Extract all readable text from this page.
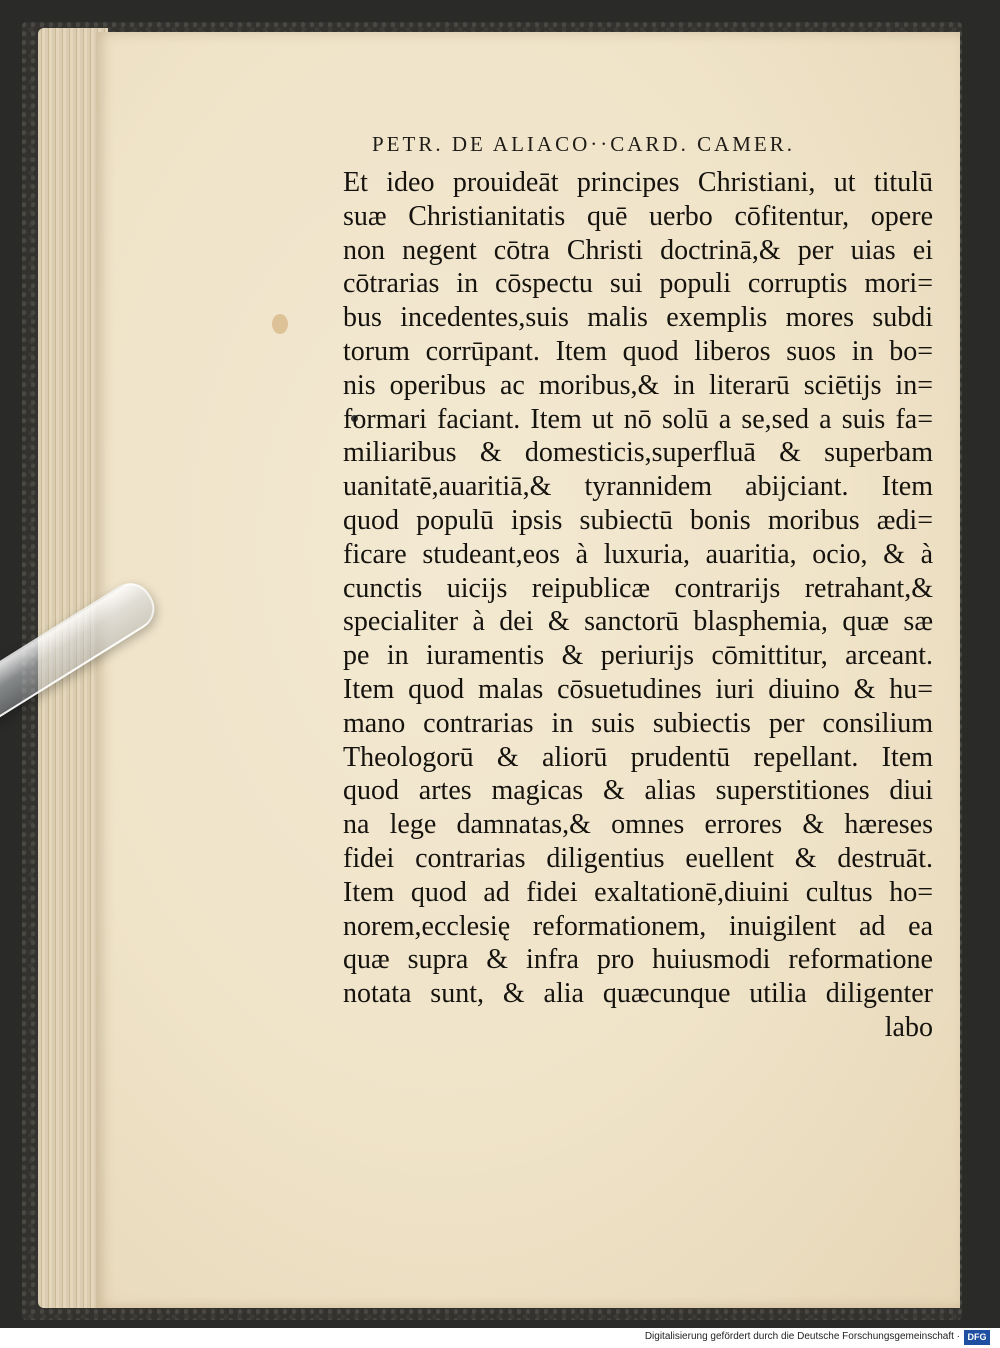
PETR. DE ALIACO··CARD. CAMER.
Et ideo prouideāt principes Christiani, ut titulū
suæ Christianitatis quē uerbo cōfitentur, opere
non negent cōtra Christi doctrinā,& per uias ei
cōtrarias in cōspectu sui populi corruptis mori=
bus incedentes,suis malis exemplis mores subdi
torum corrūpant. Item quod liberos suos in bo=
nis operibus ac moribus,& in literarū sciētijs in=
formari faciant. Item ut nō solū a se,sed a suis fa=
miliaribus & domesticis,superfluā & superbam
uanitatē,auaritiā,& tyrannidem abijciant. Item
quod populū ipsis subiectū bonis moribus ædi=
ficare studeant,eos à luxuria, auaritia, ocio, & à
cunctis uicijs reipublicæ contrarijs retrahant,&
specialiter à dei & sanctorū blasphemia, quæ sæ
pe in iuramentis & periurijs cōmittitur, arceant.
Item quod malas cōsuetudines iuri diuino & hu=
mano contrarias in suis subiectis per consilium
Theologorū & aliorū prudentū repellant. Item
quod artes magicas & alias superstitiones diui
na lege damnatas,& omnes errores & hæreses
fidei contrarias diligentius euellent & destruāt.
Item quod ad fidei exaltationē,diuini cultus ho=
norem,ecclesię reformationem, inuigilent ad ea
quæ supra & infra pro huiusmodi reformatione
notata sunt, & alia quæcunque utilia diligenter
labo
Digitalisierung gefördert durch die Deutsche Forschungsgemeinschaft · DFG
